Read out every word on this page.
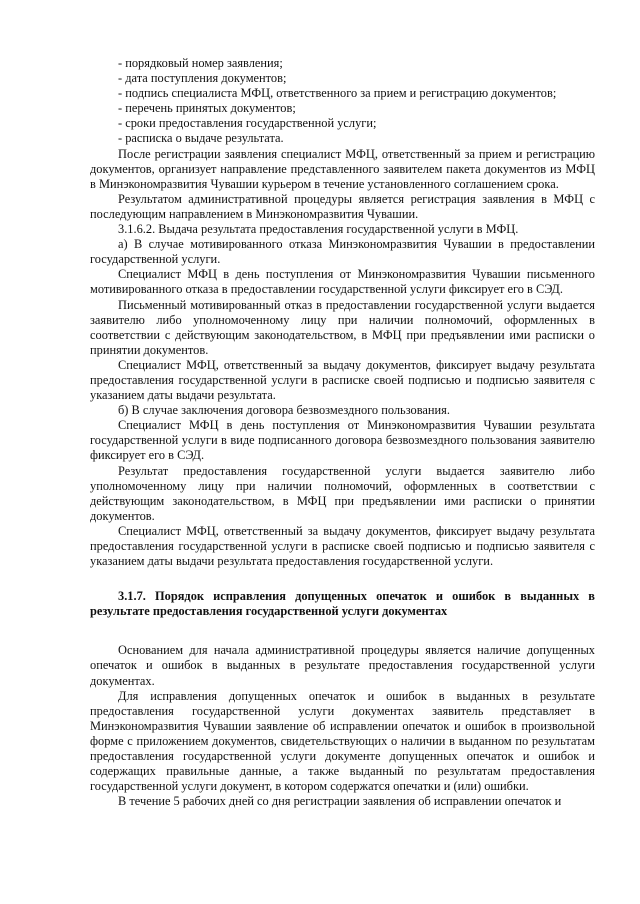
- порядковый номер заявления;

- дата поступления документов;

- подпись специалиста МФЦ, ответственного за прием и регистрацию документов;

- перечень принятых документов;

- сроки предоставления государственной услуги;

- расписка о выдаче результата.

После регистрации заявления специалист МФЦ, ответственный за прием и регистрацию документов, организует направление представленного заявителем пакета документов из МФЦ в Минэкономразвития Чувашии курьером в течение установленного соглашением срока.

Результатом административной процедуры является регистрация заявления в МФЦ с последующим направлением в Минэкономразвития Чувашии.

3.1.6.2. Выдача результата предоставления государственной услуги в МФЦ.

а) В случае мотивированного отказа Минэкономразвития Чувашии в предоставлении государственной услуги.

Специалист МФЦ в день поступления от Минэкономразвития Чувашии письменного мотивированного отказа в предоставлении государственной услуги фиксирует его в СЭД.

Письменный мотивированный отказ в предоставлении государственной услуги выдается заявителю либо уполномоченному лицу при наличии полномочий, оформленных в соответствии с действующим законодательством, в МФЦ при предъявлении ими расписки о принятии документов.

Специалист МФЦ, ответственный за выдачу документов, фиксирует выдачу результата предоставления государственной услуги в расписке своей подписью и подписью заявителя с указанием даты выдачи результата.

б) В случае заключения договора безвозмездного пользования.

Специалист МФЦ в день поступления от Минэкономразвития Чувашии результата государственной услуги в виде подписанного договора безвозмездного пользования заявителю фиксирует его в СЭД.

Результат предоставления государственной услуги выдается заявителю либо уполномоченному лицу при наличии полномочий, оформленных в соответствии с действующим законодательством, в МФЦ при предъявлении ими расписки о принятии документов.

Специалист МФЦ, ответственный за выдачу документов, фиксирует выдачу результата предоставления государственной услуги в расписке своей подписью и подписью заявителя с указанием даты выдачи результата предоставления государственной услуги.

3.1.7. Порядок исправления допущенных опечаток и ошибок в выданных в результате предоставления государственной услуги документах

Основанием для начала административной процедуры является наличие допущенных опечаток и ошибок в выданных в результате предоставления государственной услуги документах.

Для исправления допущенных опечаток и ошибок в выданных в результате предоставления государственной услуги документах заявитель представляет в Минэкономразвития Чувашии заявление об исправлении опечаток и ошибок в произвольной форме с приложением документов, свидетельствующих о наличии в выданном по результатам предоставления государственной услуги документе допущенных опечаток и ошибок и содержащих правильные данные, а также выданный по результатам предоставления государственной услуги документ, в котором содержатся опечатки и (или) ошибки.

В течение 5 рабочих дней со дня регистрации заявления об исправлении опечаток и
